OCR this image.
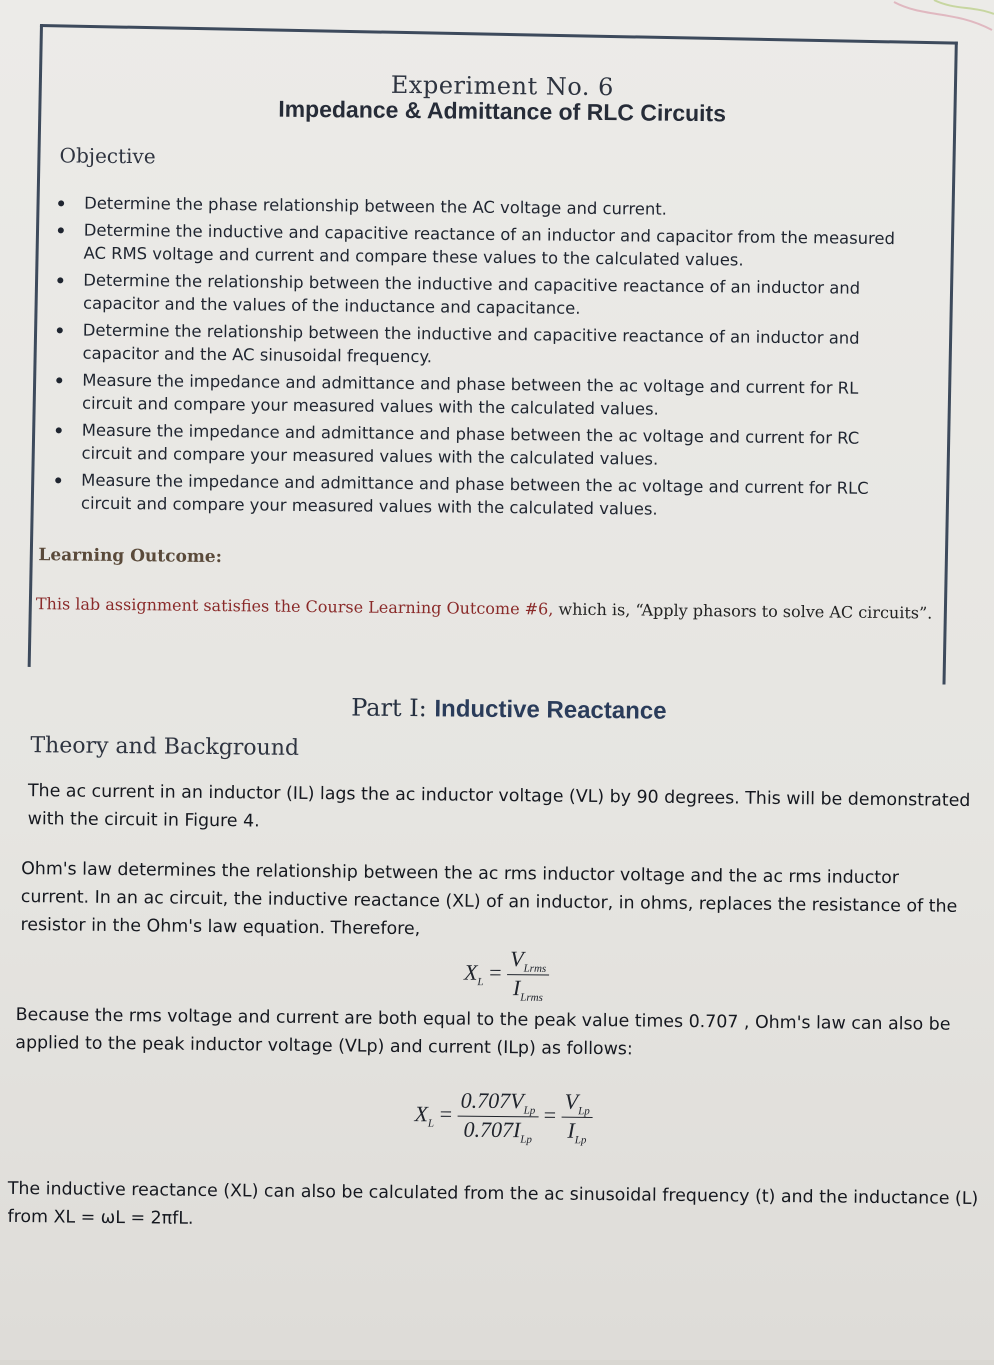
Experiment No. 6
Impedance & Admittance of RLC Circuits
Objective
Determine the phase relationship between the AC voltage and current.
Determine the inductive and capacitive reactance of an inductor and capacitor from the measured AC RMS voltage and current and compare these values to the calculated values.
Determine the relationship between the inductive and capacitive reactance of an inductor and capacitor and the values of the inductance and capacitance.
Determine the relationship between the inductive and capacitive reactance of an inductor and capacitor and the AC sinusoidal frequency.
Measure the impedance and admittance and phase between the ac voltage and current for RL circuit and compare your measured values with the calculated values.
Measure the impedance and admittance and phase between the ac voltage and current for RC circuit and compare your measured values with the calculated values.
Measure the impedance and admittance and phase between the ac voltage and current for RLC circuit and compare your measured values with the calculated values.
Learning Outcome:
This lab assignment satisfies the Course Learning Outcome #6, which is, “Apply phasors to solve AC circuits”.
Part I: Inductive Reactance
Theory and Background
The ac current in an inductor (IL) lags the ac inductor voltage (VL) by 90 degrees. This will be demonstrated with the circuit in Figure 4.
Ohm's law determines the relationship between the ac rms inductor voltage and the ac rms inductor current. In an ac circuit, the inductive reactance (XL) of an inductor, in ohms, replaces the resistance of the resistor in the Ohm's law equation. Therefore,
$X_L = \frac{V_{Lrms}}{I_{Lrms}}$
Because the rms voltage and current are both equal to the peak value times 0.707 , Ohm's law can also be applied to the peak inductor voltage (VLp) and current (ILp) as follows:
$X_L = \frac{0.707V_{Lp}}{0.707I_{Lp}} = \frac{V_{Lp}}{I_{Lp}}$
The inductive reactance (XL) can also be calculated from the ac sinusoidal frequency (t) and the inductance (L) from XL = ωL = 2πfL.
